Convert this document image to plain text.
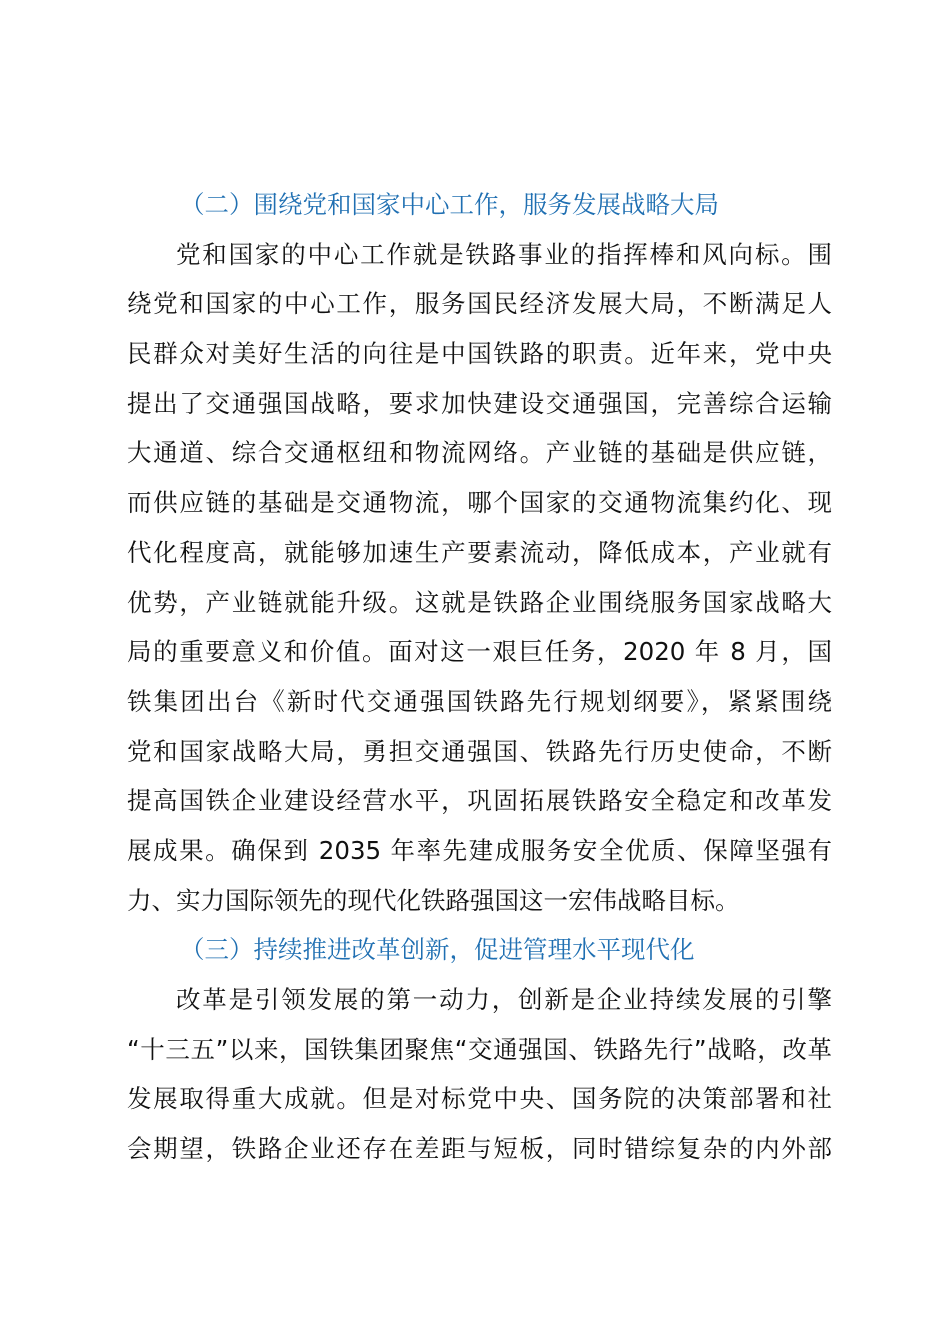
（二）围绕党和国家中心工作，服务发展战略大局
党和国家的中心工作就是铁路事业的指挥棒和风向标。围
绕党和国家的中心工作，服务国民经济发展大局，不断满足人
民群众对美好生活的向往是中国铁路的职责。近年来，党中央
提出了交通强国战略，要求加快建设交通强国，完善综合运输
大通道、综合交通枢纽和物流网络。产业链的基础是供应链，
而供应链的基础是交通物流，哪个国家的交通物流集约化、现
代化程度高，就能够加速生产要素流动，降低成本，产业就有
优势，产业链就能升级。这就是铁路企业围绕服务国家战略大
局的重要意义和价值。面对这一艰巨任务，2020 年 8 月，国
铁集团出台《新时代交通强国铁路先行规划纲要》，紧紧围绕
党和国家战略大局，勇担交通强国、铁路先行历史使命，不断
提高国铁企业建设经营水平，巩固拓展铁路安全稳定和改革发
展成果。确保到 2035 年率先建成服务安全优质、保障坚强有
力、实力国际领先的现代化铁路强国这一宏伟战略目标。
（三）持续推进改革创新，促进管理水平现代化
改革是引领发展的第一动力，创新是企业持续发展的引擎
“十三五”以来，国铁集团聚焦“交通强国、铁路先行”战略，改革
发展取得重大成就。但是对标党中央、国务院的决策部署和社
会期望，铁路企业还存在差距与短板，同时错综复杂的内外部
